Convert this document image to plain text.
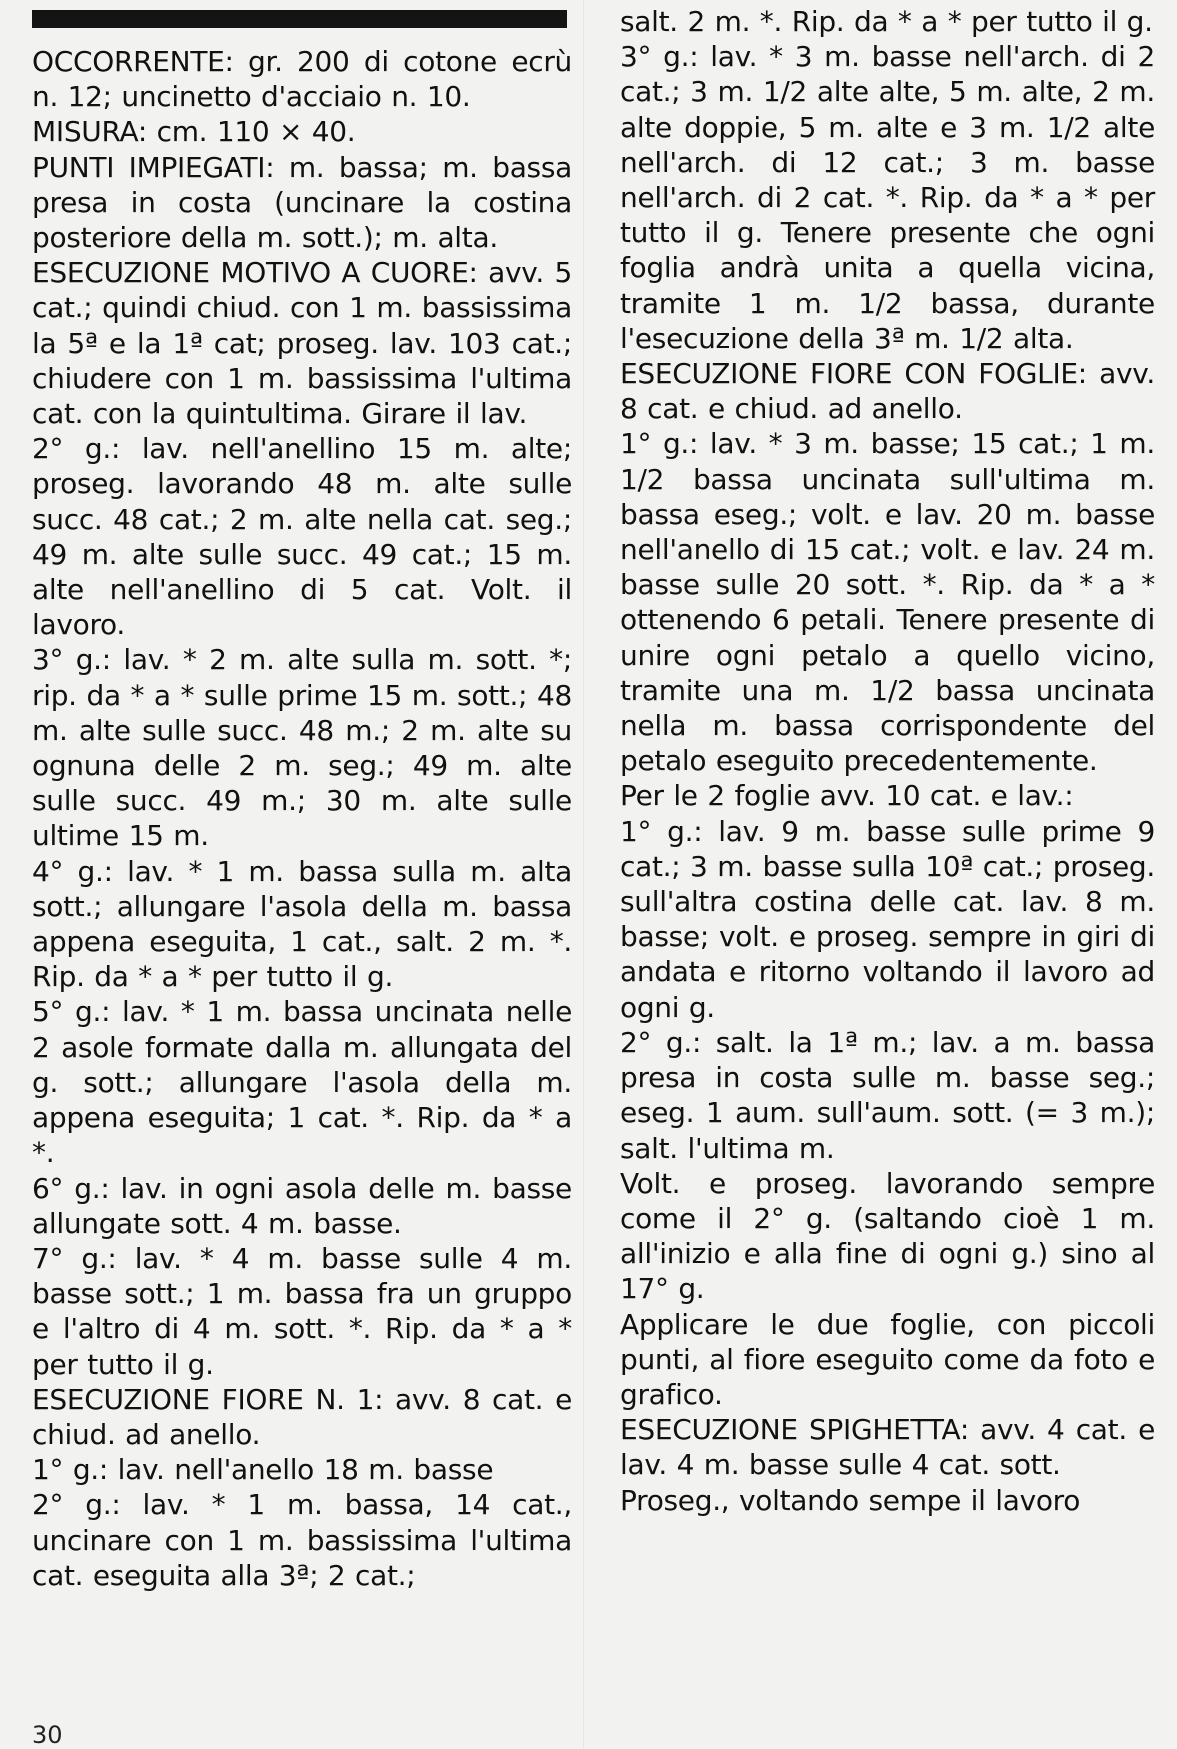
OCCORRENTE: gr. 200 di cotone ecrù n. 12; uncinetto d'acciaio n. 10.

MISURA: cm. 110 × 40.

PUNTI IMPIEGATI: m. bassa; m. bassa presa in costa (uncinare la costina posteriore della m. sott.); m. alta.

ESECUZIONE MOTIVO A CUORE: avv. 5 cat.; quindi chiud. con 1 m. bassissima la 5ª e la 1ª cat; proseg. lav. 103 cat.; chiudere con 1 m. bassissima l'ultima cat. con la quintultima. Girare il lav.

2° g.: lav. nell'anellino 15 m. alte; proseg. lavorando 48 m. alte sulle succ. 48 cat.; 2 m. alte nella cat. seg.; 49 m. alte sulle succ. 49 cat.; 15 m. alte nell'anellino di 5 cat. Volt. il lavoro.

3° g.: lav. * 2 m. alte sulla m. sott. *; rip. da * a * sulle prime 15 m. sott.; 48 m. alte sulle succ. 48 m.; 2 m. alte su ognuna delle 2 m. seg.; 49 m. alte sulle succ. 49 m.; 30 m. alte sulle ultime 15 m.

4° g.: lav. * 1 m. bassa sulla m. alta sott.; allungare l'asola della m. bassa appena eseguita, 1 cat., salt. 2 m. *. Rip. da * a * per tutto il g.

5° g.: lav. * 1 m. bassa uncinata nelle 2 asole formate dalla m. allungata del g. sott.; allungare l'asola della m. appena eseguita; 1 cat. *. Rip. da * a *.

6° g.: lav. in ogni asola delle m. basse allungate sott. 4 m. basse.

7° g.: lav. * 4 m. basse sulle 4 m. basse sott.; 1 m. bassa fra un gruppo e l'altro di 4 m. sott. *. Rip. da * a * per tutto il g.

ESECUZIONE FIORE N. 1: avv. 8 cat. e chiud. ad anello.

1° g.: lav. nell'anello 18 m. basse

2° g.: lav. * 1 m. bassa, 14 cat., uncinare con 1 m. bassissima l'ultima cat. eseguita alla 3ª; 2 cat.;

salt. 2 m. *. Rip. da * a * per tutto il g.

3° g.: lav. * 3 m. basse nell'arch. di 2 cat.; 3 m. 1/2 alte alte, 5 m. alte, 2 m. alte doppie, 5 m. alte e 3 m. 1/2 alte nell'arch. di 12 cat.; 3 m. basse nell'arch. di 2 cat. *. Rip. da * a * per tutto il g. Tenere presente che ogni foglia andrà unita a quella vicina, tramite 1 m. 1/2 bassa, durante l'esecuzione della 3ª m. 1/2 alta.

ESECUZIONE FIORE CON FOGLIE: avv. 8 cat. e chiud. ad anello.

1° g.: lav. * 3 m. basse; 15 cat.; 1 m. 1/2 bassa uncinata sull'ultima m. bassa eseg.; volt. e lav. 20 m. basse nell'anello di 15 cat.; volt. e lav. 24 m. basse sulle 20 sott. *. Rip. da * a * ottenendo 6 petali. Tenere presente di unire ogni petalo a quello vicino, tramite una m. 1/2 bassa uncinata nella m. bassa corrispondente del petalo eseguito precedentemente.

Per le 2 foglie avv. 10 cat. e lav.:

1° g.: lav. 9 m. basse sulle prime 9 cat.; 3 m. basse sulla 10ª cat.; proseg. sull'altra costina delle cat. lav. 8 m. basse; volt. e proseg. sempre in giri di andata e ritorno voltando il lavoro ad ogni g.

2° g.: salt. la 1ª m.; lav. a m. bassa presa in costa sulle m. basse seg.; eseg. 1 aum. sull'aum. sott. (= 3 m.); salt. l'ultima m.

Volt. e proseg. lavorando sempre come il 2° g. (saltando cioè 1 m. all'inizio e alla fine di ogni g.) sino al 17° g.

Applicare le due foglie, con piccoli punti, al fiore eseguito come da foto e grafico.

ESECUZIONE SPIGHETTA: avv. 4 cat. e lav. 4 m. basse sulle 4 cat. sott.

Proseg., voltando sempe il lavoro

30
